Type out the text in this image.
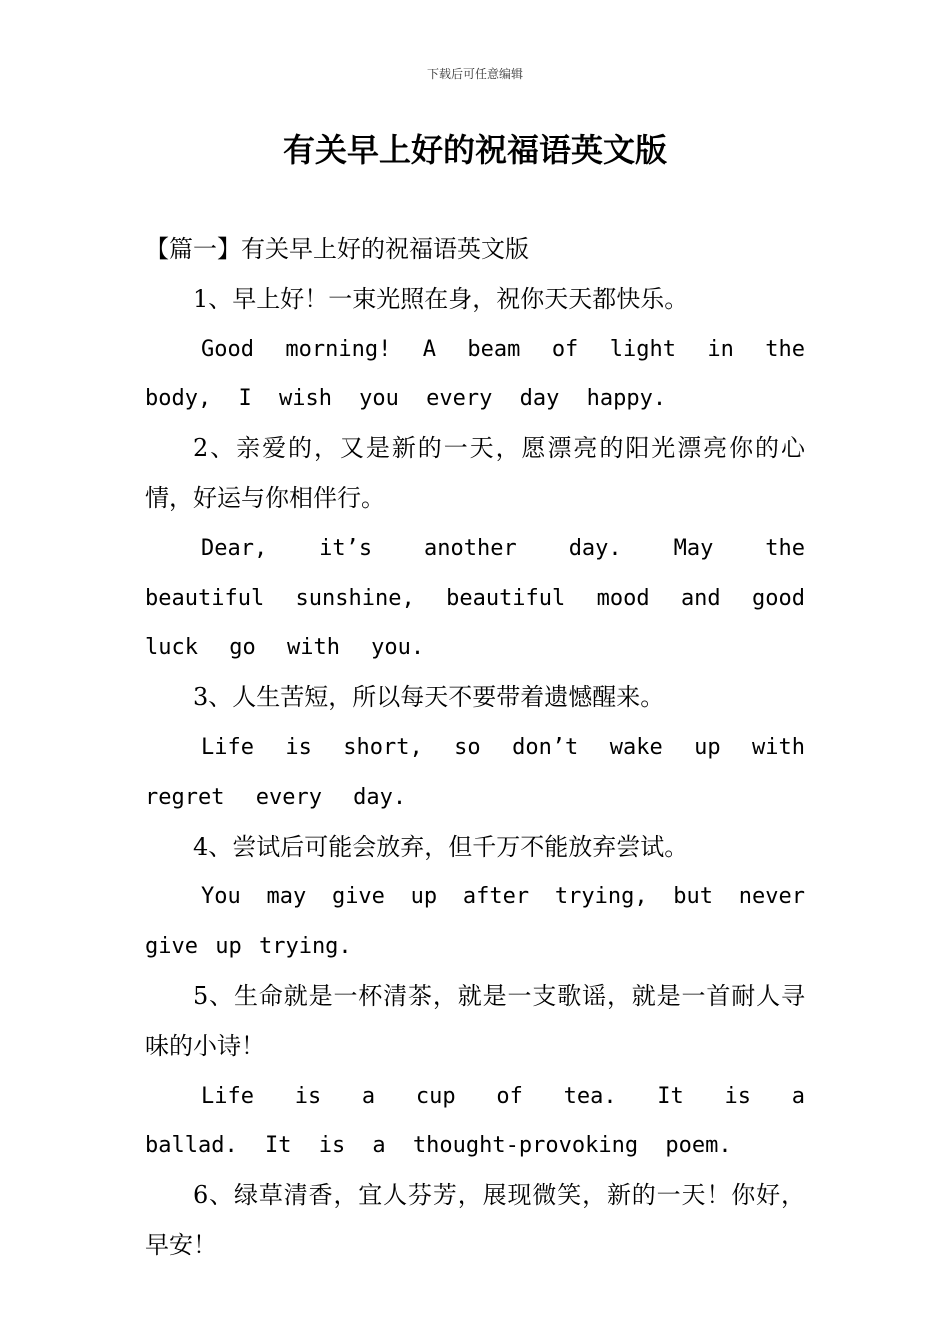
下载后可任意编辑
有关早上好的祝福语英文版

【篇一】有关早上好的祝福语英文版

1、早上好！一束光照在身，祝你天天都快乐。

Good morning! A beam of light in the body, I wish you every day happy.

2、亲爱的，又是新的一天，愿漂亮的阳光漂亮你的心情，好运与你相伴行。

Dear, it’s another day. May the beautiful sunshine, beautiful mood and good luck go with you.

3、人生苦短，所以每天不要带着遗憾醒来。

Life is short, so don’t wake up with regret every day.

4、尝试后可能会放弃，但千万不能放弃尝试。

You may give up after trying, but never give up trying.

5、生命就是一杯清茶，就是一支歌谣，就是一首耐人寻味的小诗！

Life is a cup of tea. It is a ballad. It is a thought-provoking poem.

6、绿草清香，宜人芬芳，展现微笑，新的一天！你好，早安！
